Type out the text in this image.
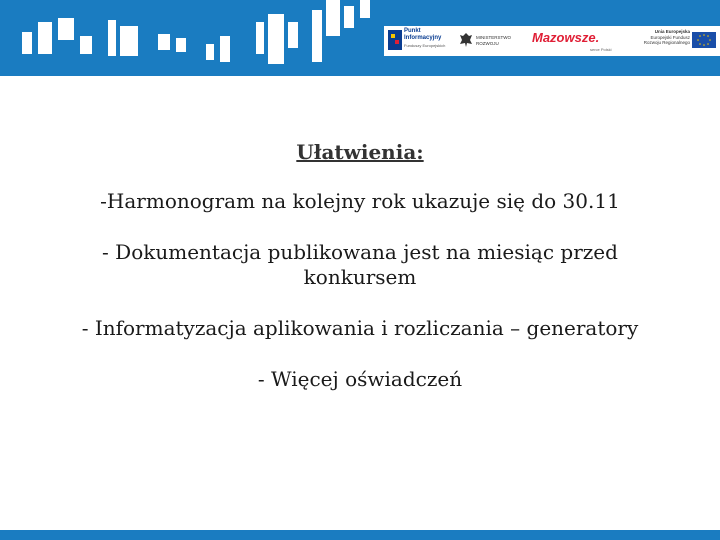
Punkt
Informacyjny
Funduszy Europejskich
MINISTERSTWO
ROZWOJU	Mazowsze.
serce Polski
Unia Europejska
Europejski Fundusz
Rozwoju Regionalnego
Ułatwienia:
-Harmonogram na kolejny rok ukazuje się do 30.11
- Dokumentacja publikowana jest na miesiąc przed konkursem
- Informatyzacja aplikowania i rozliczania – generatory
- Więcej oświadczeń
